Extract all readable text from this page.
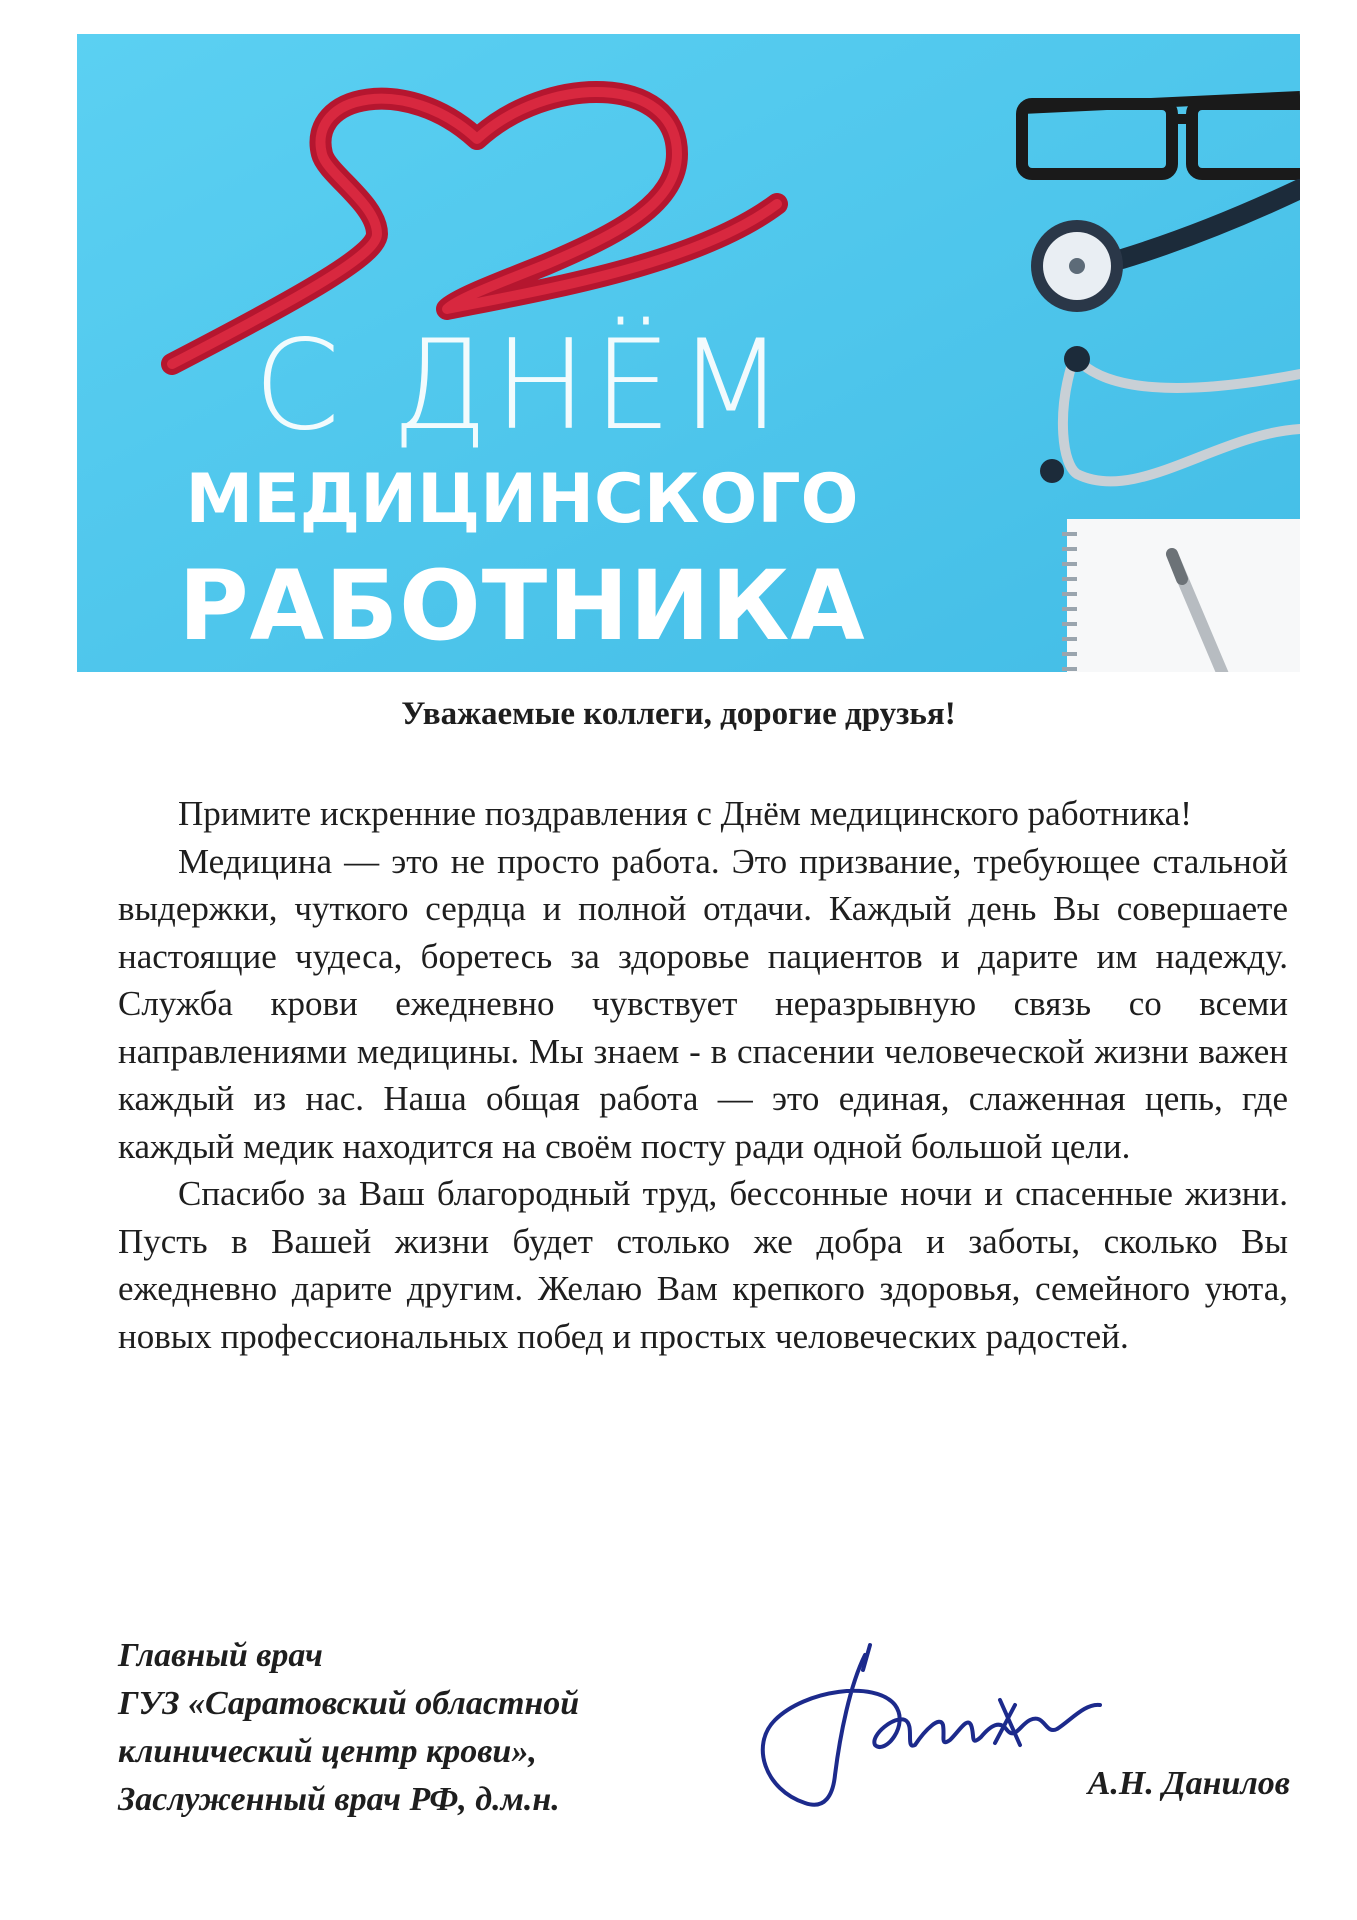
С ДНЁМ
МЕДИЦИНСКОГО
РАБОТНИКА
Уважаемые коллеги, дорогие друзья!

Примите искренние поздравления с Днём медицинского работника!

Медицина — это не просто работа. Это призвание, требующее стальной выдержки, чуткого сердца и полной отдачи. Каждый день Вы совершаете настоящие чудеса, боретесь за здоровье пациентов и дарите им надежду. Служба крови ежедневно чувствует неразрывную связь со всеми направлениями медицины. Мы знаем - в спасении человеческой жизни важен каждый из нас. Наша общая работа — это единая, слаженная цепь, где каждый медик находится на своём посту ради одной большой цели.

Спасибо за Ваш благородный труд, бессонные ночи и спасенные жизни. Пусть в Вашей жизни будет столько же добра и заботы, сколько Вы ежедневно дарите другим. Желаю Вам крепкого здоровья, семейного уюта, новых профессиональных побед и простых человеческих радостей.

Главный врач
ГУЗ «Саратовский областной
клинический центр крови»,
Заслуженный врач РФ, д.м.н.	А.Н. Данилов
